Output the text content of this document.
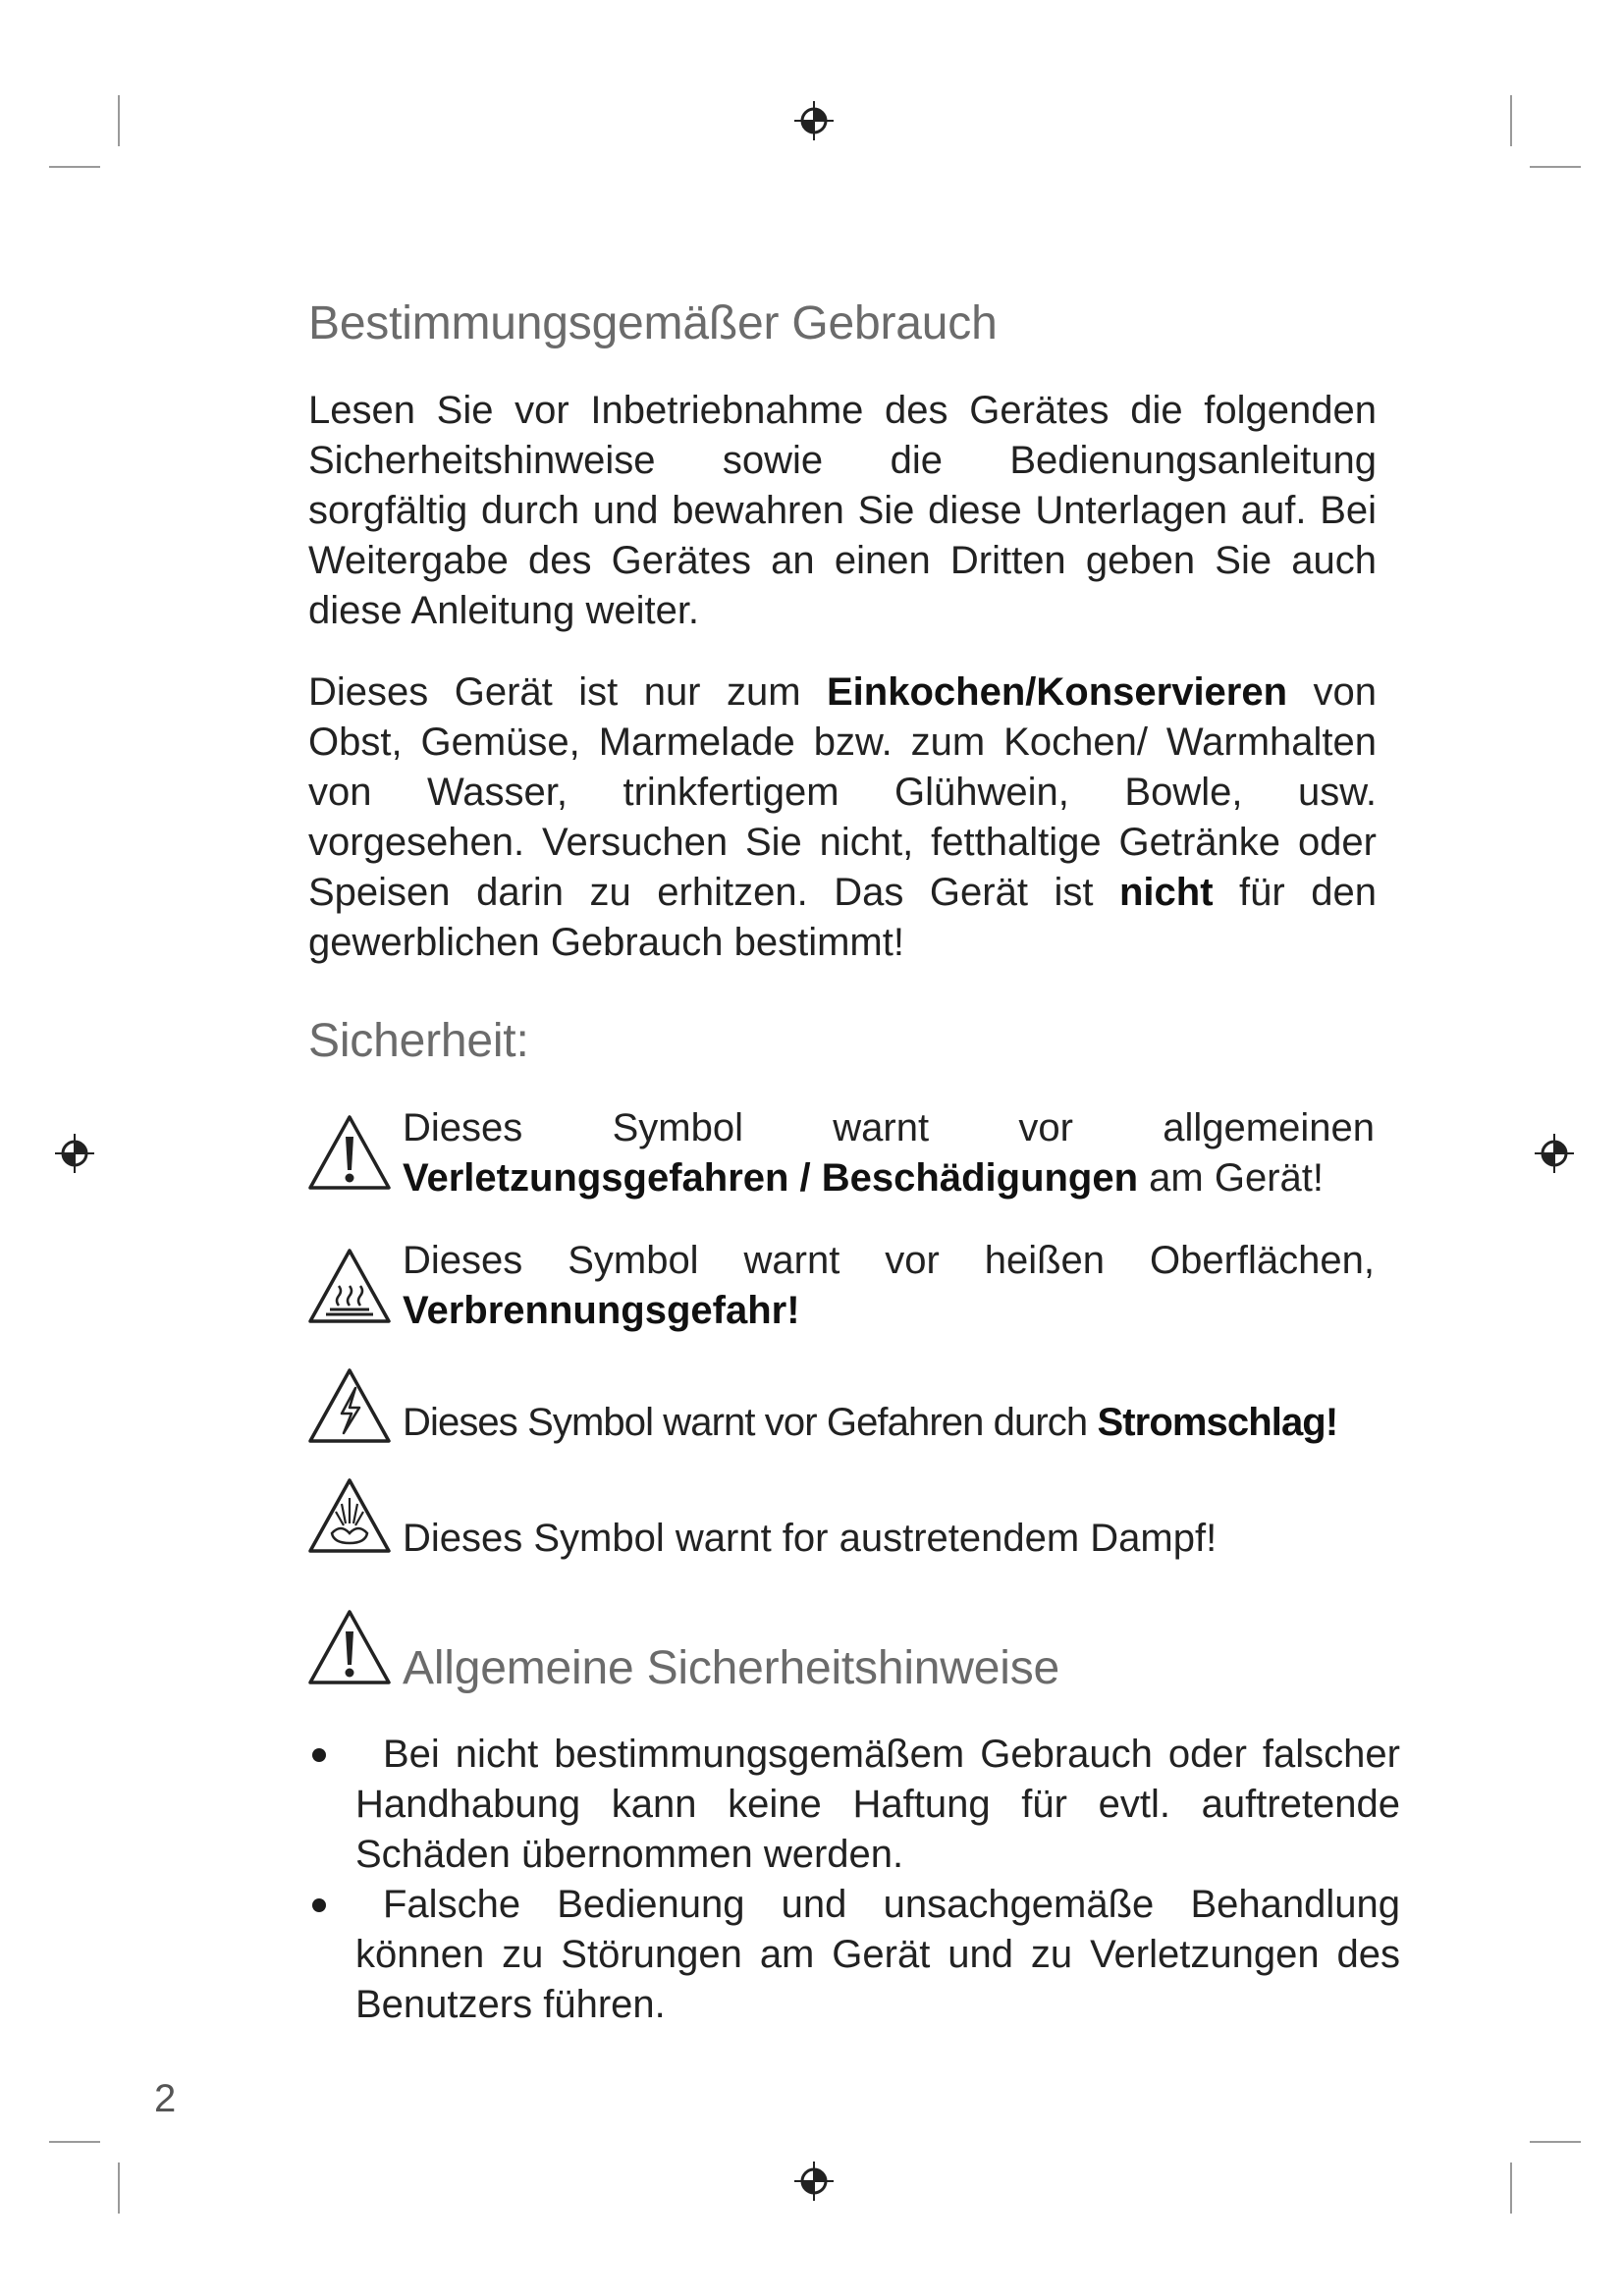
Bestimmungsgemäßer Gebrauch

Lesen Sie vor Inbetriebnahme des Gerätes die folgenden Sicherheitshinweise sowie die Bedienungsanleitung sorgfältig durch und bewahren Sie diese Unterlagen auf. Bei Weitergabe des Gerätes an einen Dritten geben Sie auch diese Anleitung weiter.

Dieses Gerät ist nur zum Einkochen/Konservieren von Obst, Gemüse, Marmelade bzw. zum Kochen/ Warmhalten von Wasser, trinkfertigem Glühwein, Bowle, usw. vorgesehen. Versuchen Sie nicht, fetthaltige Getränke oder Speisen darin zu erhitzen. Das Gerät ist nicht für den gewerblichen Gebrauch bestimmt!

Sicherheit:

Dieses Symbol warnt vor allgemeinen Verletzungsgefahren / Beschädigungen am Gerät!

Dieses Symbol warnt vor heißen Oberflächen, Verbrennungsgefahr!

Dieses Symbol warnt vor Gefahren durch Stromschlag!

Dieses Symbol warnt for austretendem Dampf!

Allgemeine Sicherheitshinweise
Bei nicht bestimmungsgemäßem Gebrauch oder falscher Handhabung kann keine Haftung für evtl. auftretende Schäden übernommen werden.
Falsche Bedienung und unsachgemäße Behandlung können zu Störungen am Gerät und zu Verletzungen des Benutzers führen.
2
